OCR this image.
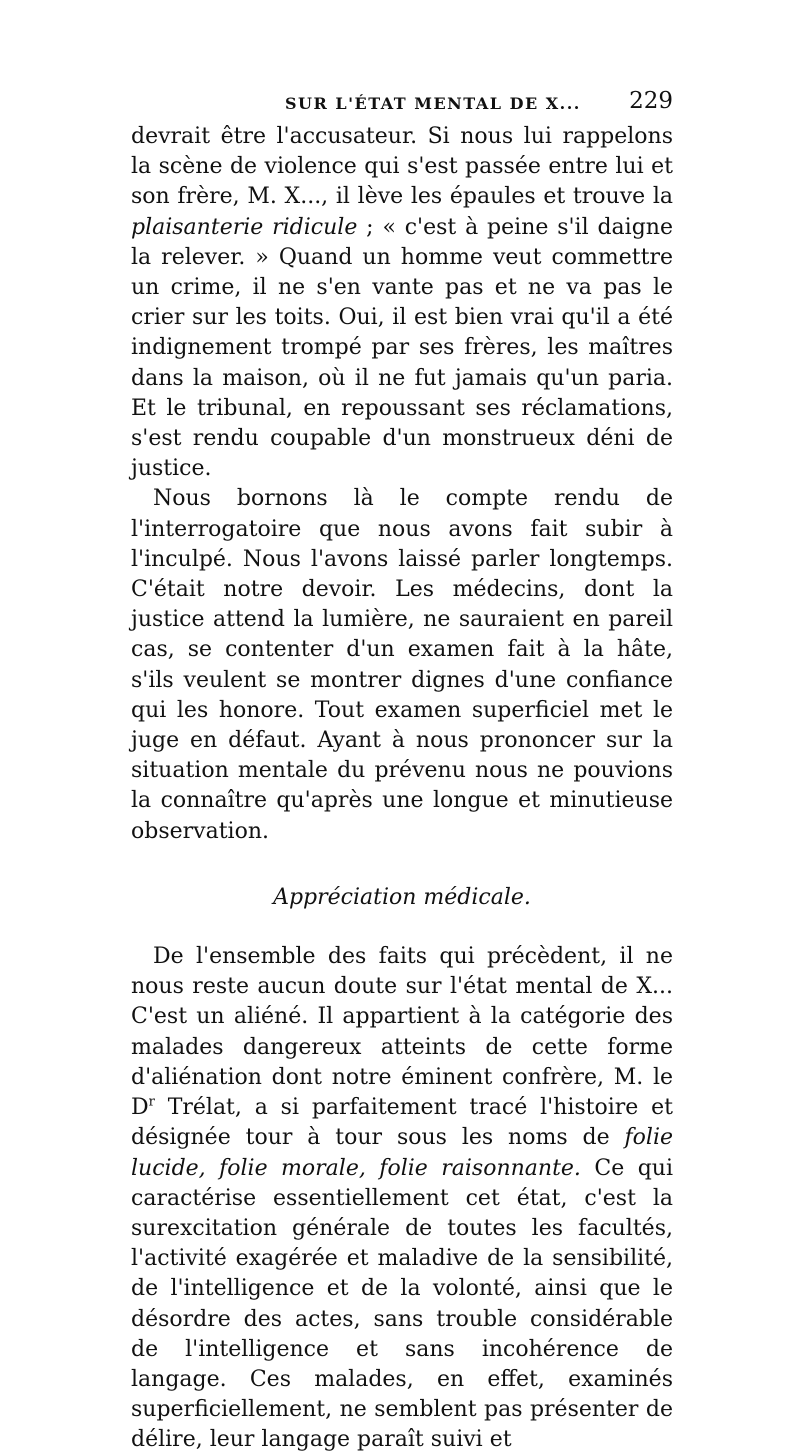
SUR L'ÉTAT MENTAL DE X... 229

devrait être l'accusateur. Si nous lui rappelons la scène de violence qui s'est passée entre lui et son frère, M. X..., il lève les épaules et trouve la plaisanterie ridicule ; « c'est à peine s'il daigne la relever. » Quand un homme veut commettre un crime, il ne s'en vante pas et ne va pas le crier sur les toits. Oui, il est bien vrai qu'il a été indignement trompé par ses frères, les maîtres dans la maison, où il ne fut jamais qu'un paria. Et le tribunal, en repoussant ses réclamations, s'est rendu coupable d'un monstrueux déni de justice.

Nous bornons là le compte rendu de l'interrogatoire que nous avons fait subir à l'inculpé. Nous l'avons laissé parler longtemps. C'était notre devoir. Les médecins, dont la justice attend la lumière, ne sauraient en pareil cas, se contenter d'un examen fait à la hâte, s'ils veulent se montrer dignes d'une confiance qui les honore. Tout examen superficiel met le juge en défaut. Ayant à nous prononcer sur la situation mentale du prévenu nous ne pouvions la connaître qu'après une longue et minutieuse observation.

Appréciation médicale.

De l'ensemble des faits qui précèdent, il ne nous reste aucun doute sur l'état mental de X... C'est un aliéné. Il appartient à la catégorie des malades dangereux atteints de cette forme d'aliénation dont notre éminent confrère, M. le $D^r$ Trélat, a si parfaitement tracé l'histoire et désignée tour à tour sous les noms de folie lucide, folie morale, folie raisonnante. Ce qui caractérise essentiellement cet état, c'est la surexcitation générale de toutes les facultés, l'activité exagérée et maladive de la sensibilité, de l'intelligence et de la volonté, ainsi que le désordre des actes, sans trouble considérable de l'intelligence et sans incohérence de langage. Ces malades, en effet, examinés superficiellement, ne semblent pas présenter de délire, leur langage paraît suivi et
